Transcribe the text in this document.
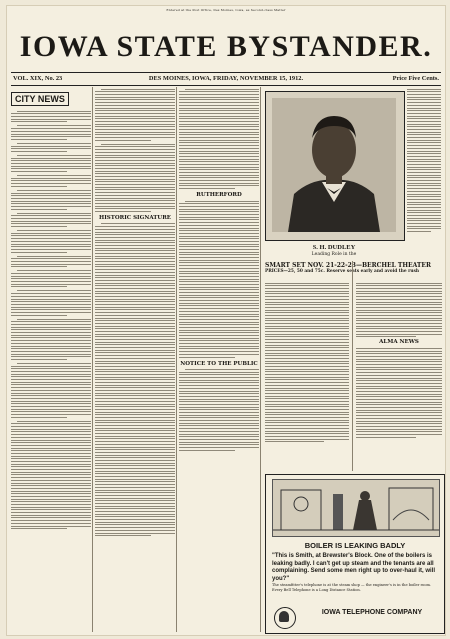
Entered at the Post Office, Des Moines, Iowa, as Second-class Matter
IOWA STATE BYSTANDER.
VOL. XIX, No. 23	DES MOINES, IOWA, FRIDAY, NOVEMBER 15, 1912.	Price Five Cents.
CITY NEWS
HISTORIC SIGNATURE
RUTHERFORD
NOTICE TO THE PUBLIC
S. H. DUDLEY
Leading Role in the
SMART SET NOV. 21-22-23—BERCHEL THEATER
PRICES—25, 50 and 75c. Reserve seats early and avoid the rush
ALMA NEWS
BOILER IS LEAKING BADLY
"This is Smith, at Brewster's Block. One of the boilers is leaking badly. I can't get up steam and the tenants are all complaining. Send some men right up to over-haul it, will you?"
The steamfitter's telephone is at the steam shop — the engineer's is in the boiler room. Every Bell Telephone is a Long Distance Station.
IOWA TELEPHONE COMPANY
